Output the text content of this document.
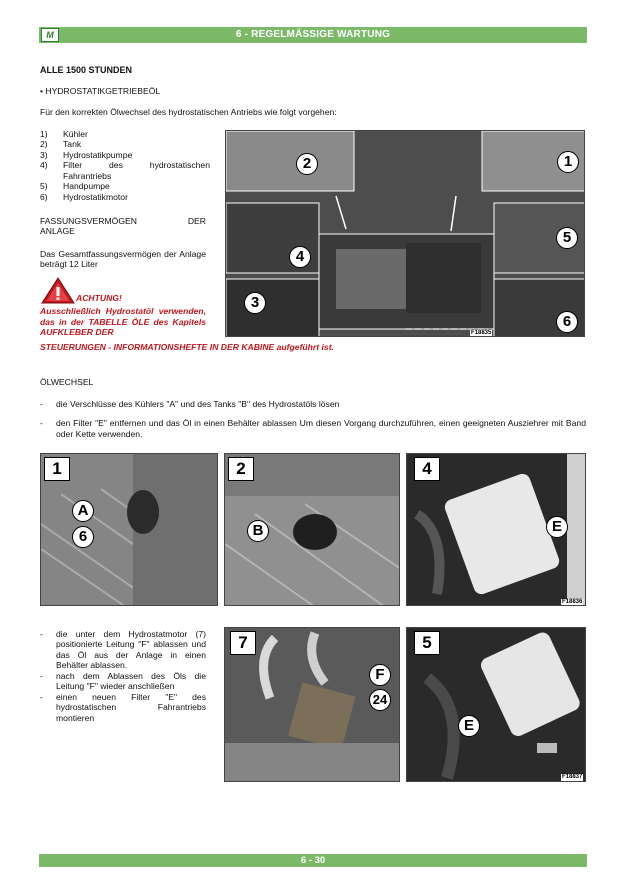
6 - REGELMÄSSIGE WARTUNG
M
ALLE 1500 STUNDEN
• HYDROSTATIKGETRIEBEÖL
Für den korrekten Ölwechsel des hydrostatischen Antriebs wie folgt vorgehen:
1)	Kühler
2)	Tank
3)	Hydrostatikpumpe
4)	Filter des hydrostatischen Fahrantriebs
5)	Handpumpe
6)	Hydrostatikmotor
FASSUNGSVERMÖGEN	DER
ANLAGE
Das Gesamtfassungsvermögen der Anlage beträgt 12 Liter
ACHTUNG!
Ausschließlich Hydrostatöl verwenden, das in der TABELLE ÖLE des Kapitels AUFKLEBER DER
STEUERUNGEN - INFORMATIONSHEFTE IN DER KABINE aufgeführt ist.
2	1
4
5
3
6
F18835
ÖLWECHSEL
-	die Verschlüsse des Kühlers "A" und des Tanks "B" des Hydrostatöls lösen
-	den Filter "E" entfernen und das Öl in einen Behälter ablassen Um diesen Vorgang durchzuführen, einen geeigneten Ausziehrer mit Band oder Kette verwenden.
1
A
6
2
B
4
E
F18836
-	die unter dem Hydrostatmotor (7) positionierte Leitung "F" ablassen und das Öl aus der Anlage in einen Behälter ablassen.
-	nach dem Ablassen des Öls die Leitung "F" wieder anschließen
-	einen neuen Filter "E" des hydrostatischen Fahrantriebs montieren
7
F
24
5
E
F18837
6 - 30
